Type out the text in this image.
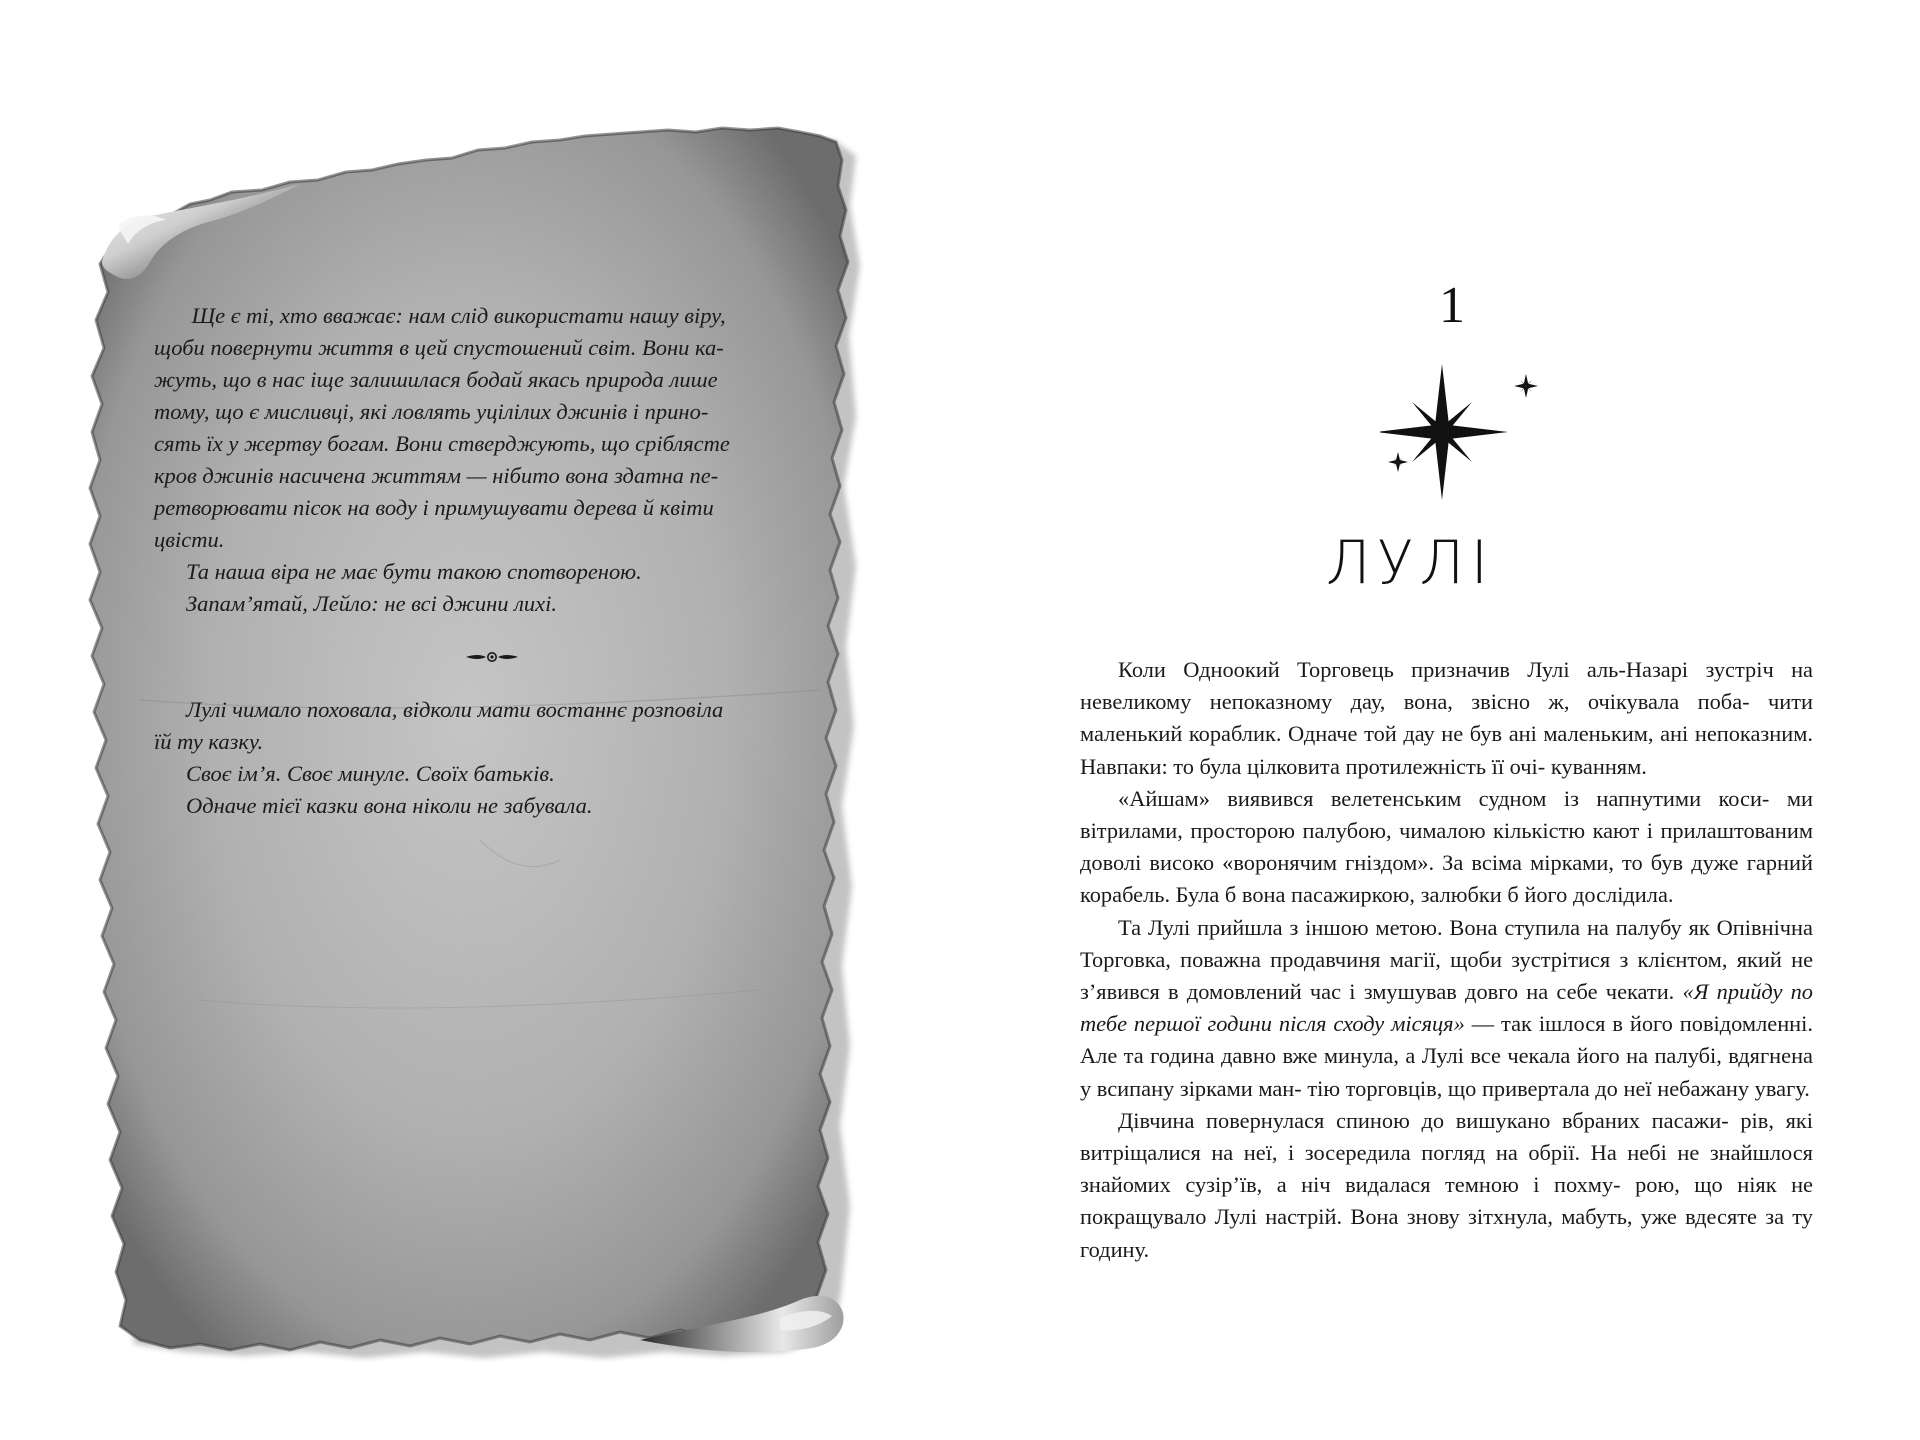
Ще є ті, хто вважає: нам слід використати нашу віру,
щоби повернути життя в цей спустошений світ. Вони ка-
жуть, що в нас іще залишилася бодай якась природа лише
тому, що є мисливці, які ловлять уцілілих джинів і прино-
сять їх у жертву богам. Вони стверджують, що сріблясте
кров джинів насичена життям — нібито вона здатна пе-
ретворювати пісок на воду і примушувати дерева й квіти
цвісти.
Та наша віра не має бути такою спотвореною.
Запам’ятай, Лейло: не всі джини лихі.
Лулі чимало поховала, відколи мати востаннє розповіла
їй ту казку.
Своє ім’я. Своє минуле. Своїх батьків.
Одначе тієї казки вона ніколи не забувала.
1
ЛУЛІ
Коли Одноокий Торговець призначив Лулі аль-Назарі зустріч на невеликому непоказному дау, вона, звісно ж, очікувала поба- чити маленький кораблик. Одначе той дау не був ані маленьким, ані непоказним. Навпаки: то була цілковита протилежність її очі- куванням.
«Айшам» виявився велетенським судном із напнутими коси- ми вітрилами, просторою палубою, чималою кількістю кают і прилаштованим доволі високо «воронячим гніздом». За всіма мірками, то був дуже гарний корабель. Була б вона пасажиркою, залюбки б його дослідила.
Та Лулі прийшла з іншою метою. Вона ступила на палубу як Опівнічна Торговка, поважна продавчиня магії, щоби зустрітися з клієнтом, який не з’явився в домовлений час і змушував довго на себе чекати. «Я прийду по тебе першої години після сходу місяця» — так ішлося в його повідомленні. Але та година давно вже минула, а Лулі все чекала його на палубі, вдягнена у всипану зірками ман- тію торговців, що привертала до неї небажану увагу.
Дівчина повернулася спиною до вишукано вбраних пасажи- рів, які витріщалися на неї, і зосередила погляд на обрії. На небі не знайшлося знайомих сузір’їв, а ніч видалася темною і похму- рою, що ніяк не покращувало Лулі настрій. Вона знову зітхнула, мабуть, уже вдесяте за ту годину.
